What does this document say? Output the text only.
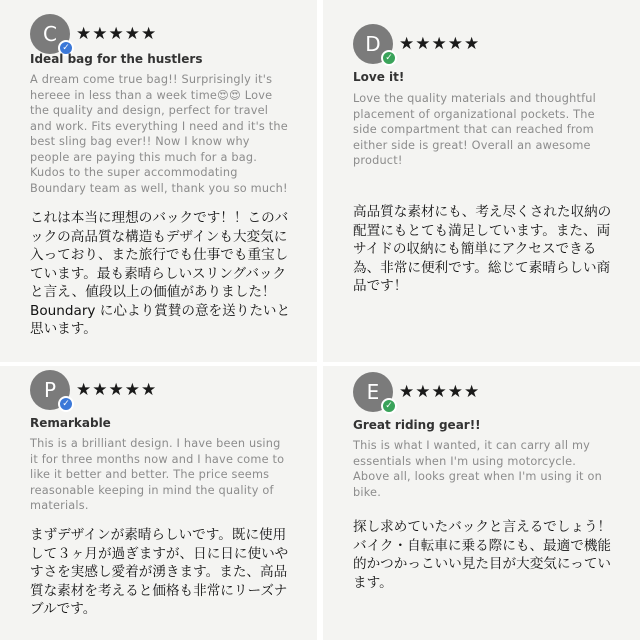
C
✓
★★★★★
Ideal bag for the hustlers
A dream come true bag!! Surprisingly it's hereee in less than a week time😍😍 Love the quality and design, perfect for travel and work. Fits everything I need and it's the best sling bag ever!! Now I know why people are paying this much for a bag. Kudos to the super accommodating Boundary team as well, thank you so much!
これは本当に理想のバックです！！このバックの高品質な構造もデザインも大変気に入っており、また旅行でも仕事でも重宝しています。最も素晴らしいスリングバックと言え、値段以上の価値がありました！Boundary に心より賞賛の意を送りたいと思います。
D
✓
★★★★★
Love it!
Love the quality materials and thoughtful placement of organizational pockets. The side compartment that can reached from either side is great! Overall an awesome product!
高品質な素材にも、考え尽くされた収納の配置にもとても満足しています。また、両サイドの収納にも簡単にアクセスできる為、非常に便利です。総じて素晴らしい商品です！
P
✓
★★★★★
Remarkable
This is a brilliant design. I have been using it for three months now and I have come to like it better and better. The price seems reasonable keeping in mind the quality of materials.
まずデザインが素晴らしいです。既に使用して３ヶ月が過ぎますが、日に日に使いやすさを実感し愛着が湧きます。また、高品質な素材を考えると価格も非常にリーズナブルです。
E
✓
★★★★★
Great riding gear!!
This is what I wanted, it can carry all my essentials when I'm using motorcycle. Above all, looks great when I'm using it on bike.
探し求めていたバックと言えるでしょう！バイク・自転車に乗る際にも、最適で機能的かつかっこいい見た目が大変気にっています。
